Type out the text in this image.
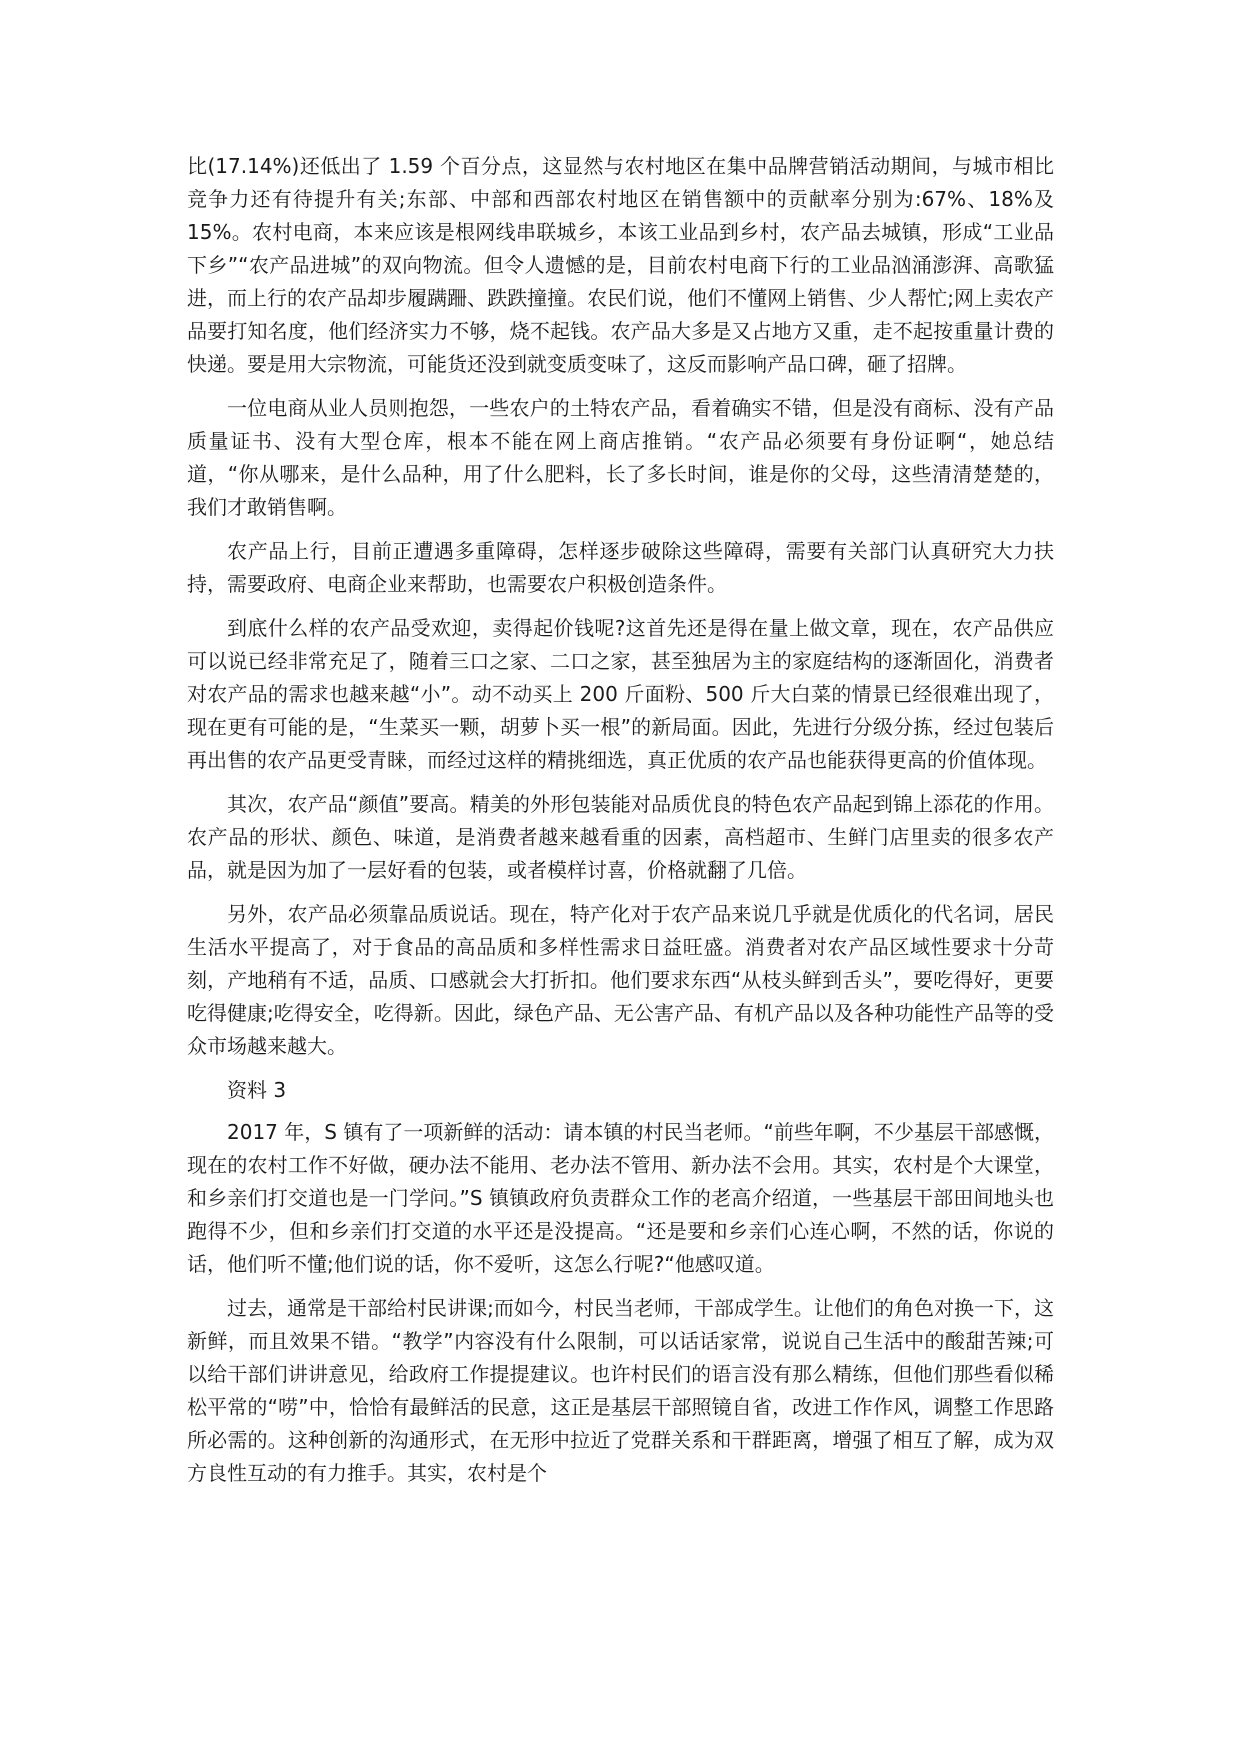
比(17.14%)还低出了 1.59 个百分点，这显然与农村地区在集中品牌营销活动期间，与城市相比竞争力还有待提升有关;东部、中部和西部农村地区在销售额中的贡献率分别为:67%、18%及 15%。农村电商，本来应该是根网线串联城乡，本该工业品到乡村，农产品去城镇，形成“工业品下乡”“农产品进城”的双向物流。但令人遗憾的是，目前农村电商下行的工业品汹涌澎湃、高歌猛进，而上行的农产品却步履蹒跚、跌跌撞撞。农民们说，他们不懂网上销售、少人帮忙;网上卖农产品要打知名度，他们经济实力不够，烧不起钱。农产品大多是又占地方又重，走不起按重量计费的快递。要是用大宗物流，可能货还没到就变质变味了，这反而影响产品口碑，砸了招牌。

一位电商从业人员则抱怨，一些农户的土特农产品，看着确实不错，但是没有商标、没有产品质量证书、没有大型仓库，根本不能在网上商店推销。“农产品必须要有身份证啊“，她总结道，“你从哪来，是什么品种，用了什么肥料，长了多长时间，谁是你的父母，这些清清楚楚的，我们才敢销售啊。

农产品上行，目前正遭遇多重障碍，怎样逐步破除这些障碍，需要有关部门认真研究大力扶持，需要政府、电商企业来帮助，也需要农户积极创造条件。

到底什么样的农产品受欢迎，卖得起价钱呢?这首先还是得在量上做文章，现在，农产品供应可以说已经非常充足了，随着三口之家、二口之家，甚至独居为主的家庭结构的逐渐固化，消费者对农产品的需求也越来越“小”。动不动买上 200 斤面粉、500 斤大白菜的情景已经很难出现了，现在更有可能的是，“生菜买一颗，胡萝卜买一根”的新局面。因此，先进行分级分拣，经过包装后再出售的农产品更受青睐，而经过这样的精挑细选，真正优质的农产品也能获得更高的价值体现。

其次，农产品“颜值”要高。精美的外形包装能对品质优良的特色农产品起到锦上添花的作用。农产品的形状、颜色、味道，是消费者越来越看重的因素，高档超市、生鲜门店里卖的很多农产品，就是因为加了一层好看的包装，或者模样讨喜，价格就翻了几倍。

另外，农产品必须靠品质说话。现在，特产化对于农产品来说几乎就是优质化的代名词，居民生活水平提高了，对于食品的高品质和多样性需求日益旺盛。消费者对农产品区域性要求十分苛刻，产地稍有不适，品质、口感就会大打折扣。他们要求东西“从枝头鲜到舌头”，要吃得好，更要吃得健康;吃得安全，吃得新。因此，绿色产品、无公害产品、有机产品以及各种功能性产品等的受众市场越来越大。

资料 3

2017 年，S 镇有了一项新鲜的活动：请本镇的村民当老师。“前些年啊，不少基层干部感慨，现在的农村工作不好做，硬办法不能用、老办法不管用、新办法不会用。其实，农村是个大课堂，和乡亲们打交道也是一门学问。”S 镇镇政府负责群众工作的老高介绍道，一些基层干部田间地头也跑得不少，但和乡亲们打交道的水平还是没提高。“还是要和乡亲们心连心啊，不然的话，你说的话，他们听不懂;他们说的话，你不爱听，这怎么行呢?“他感叹道。

过去，通常是干部给村民讲课;而如今，村民当老师，干部成学生。让他们的角色对换一下，这新鲜，而且效果不错。“教学”内容没有什么限制，可以话话家常，说说自己生活中的酸甜苦辣;可以给干部们讲讲意见，给政府工作提提建议。也许村民们的语言没有那么精练，但他们那些看似稀松平常的“唠”中，恰恰有最鲜活的民意，这正是基层干部照镜自省，改进工作作风，调整工作思路所必需的。这种创新的沟通形式，在无形中拉近了党群关系和干群距离，增强了相互了解，成为双方良性互动的有力推手。其实，农村是个
